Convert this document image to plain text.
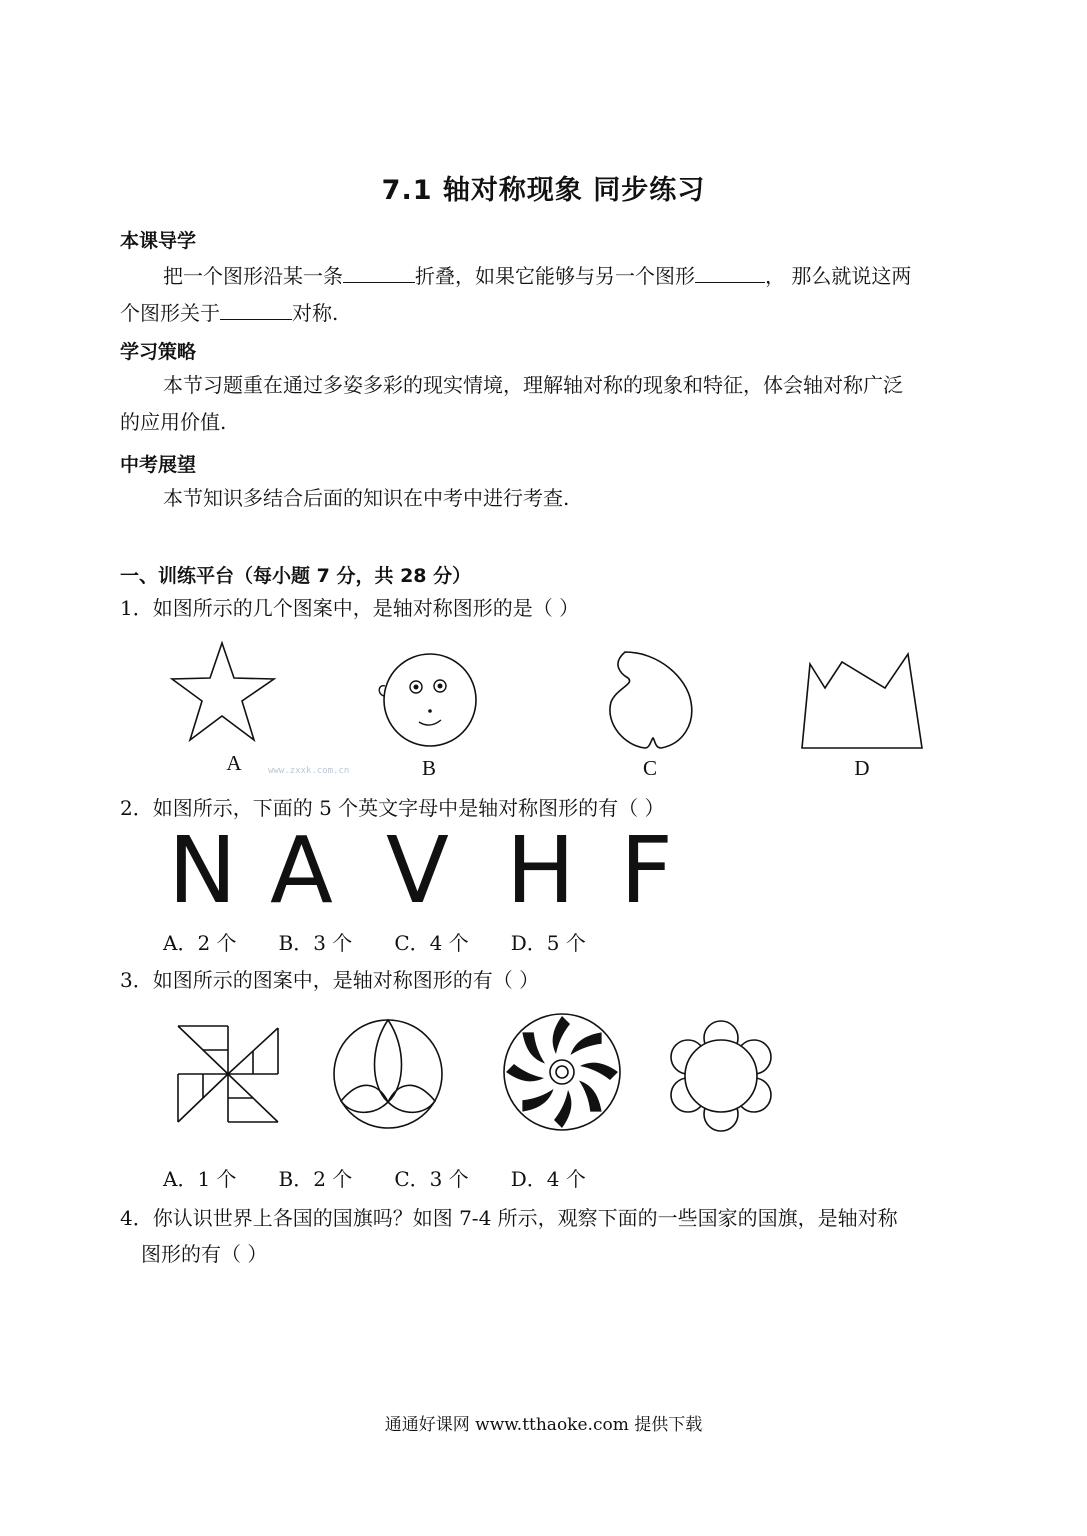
7.1 轴对称现象 同步练习
本课导学
把一个图形沿某一条	折叠，如果它能够与另一个图形	， 那么就说这两
个图形关于	对称.
学习策略
本节习题重在通过多姿多彩的现实情境，理解轴对称的现象和特征，体会轴对称广泛
的应用价值.
中考展望
本节知识多结合后面的知识在中考中进行考查.
一、训练平台（每小题 7 分，共 28 分）
1．如图所示的几个图案中，是轴对称图形的是（ ）
A	www.zxxk.com.cn	B	C	D
2．如图所示，下面的 5 个英文字母中是轴对称图形的有（ ）
N A V H F
A．2 个 B．3 个 C．4 个 D．5 个
3．如图所示的图案中，是轴对称图形的有（ ）
A．1 个 B．2 个 C．3 个 D．4 个
4．你认识世界上各国的国旗吗？如图 7-4 所示，观察下面的一些国家的国旗，是轴对称
图形的有（ ）
通通好课网 www.tthaoke.com 提供下载
